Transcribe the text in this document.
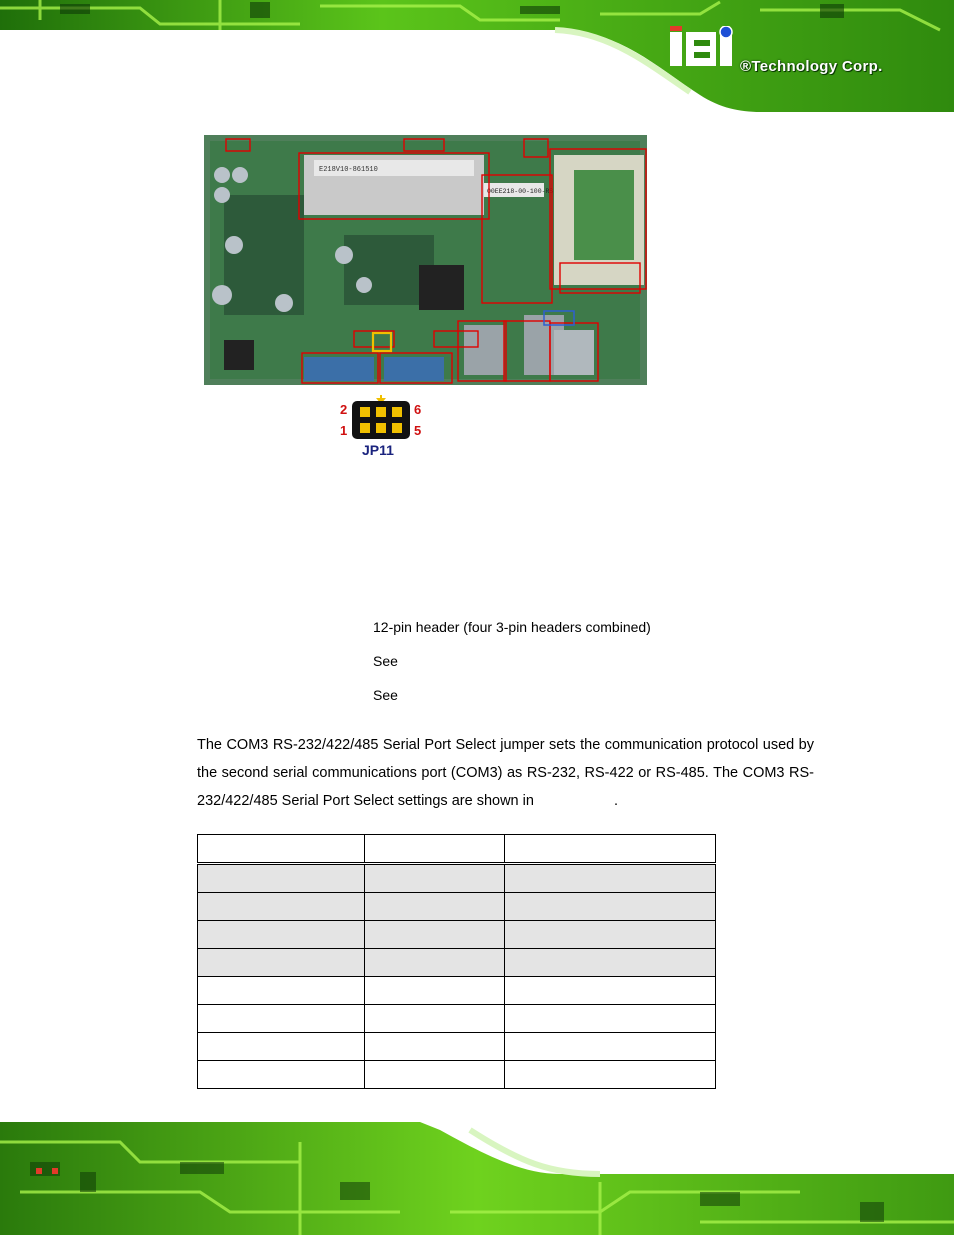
®Technology Corp.
E218V10-861510
00EE218-00-100-RS
2
1
6
5
JP11
12-pin header (four 3-pin headers combined)
See
See
The COM3 RS-232/422/485 Serial Port Select jumper sets the communication protocol used by the second serial communications port (COM3) as RS-232, RS-422 or RS-485. The COM3 RS-232/422/485 Serial Port Select settings are shown in	.
